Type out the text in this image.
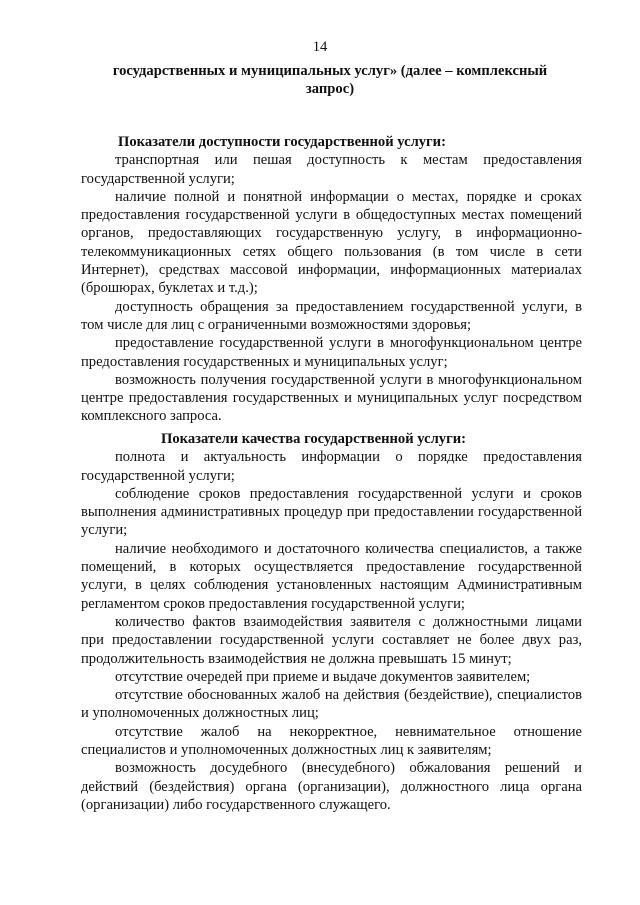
14
государственных и муниципальных услуг» (далее – комплексный
запрос)
Показатели доступности государственной услуги:

транспортная или пешая доступность к местам предоставления государственной услуги;

наличие полной и понятной информации о местах, порядке и сроках предоставления государственной услуги в общедоступных местах помещений органов, предоставляющих государственную услугу, в информационно-телекоммуникационных сетях общего пользования (в том числе в сети Интернет), средствах массовой информации, информационных материалах (брошюрах, буклетах и т.д.);

доступность обращения за предоставлением государственной услуги, в том числе для лиц с ограниченными возможностями здоровья;

предоставление государственной услуги в многофункциональном центре предоставления государственных и муниципальных услуг;

возможность получения государственной услуги в многофункциональном центре предоставления государственных и муниципальных услуг посредством комплексного запроса.

Показатели качества государственной услуги:

полнота и актуальность информации о порядке предоставления государственной услуги;

соблюдение сроков предоставления государственной услуги и сроков выполнения административных процедур при предоставлении государственной услуги;

наличие необходимого и достаточного количества специалистов, а также помещений, в которых осуществляется предоставление государственной услуги, в целях соблюдения установленных настоящим Административным регламентом сроков предоставления государственной услуги;

количество фактов взаимодействия заявителя с должностными лицами при предоставлении государственной услуги составляет не более двух раз, продолжительность взаимодействия не должна превышать 15 минут;

отсутствие очередей при приеме и выдаче документов заявителем;

отсутствие обоснованных жалоб на действия (бездействие), специалистов и уполномоченных должностных лиц;

отсутствие жалоб на некорректное, невнимательное отношение специалистов и уполномоченных должностных лиц к заявителям;

возможность досудебного (внесудебного) обжалования решений и действий (бездействия) органа (организации), должностного лица органа (организации) либо государственного служащего.
